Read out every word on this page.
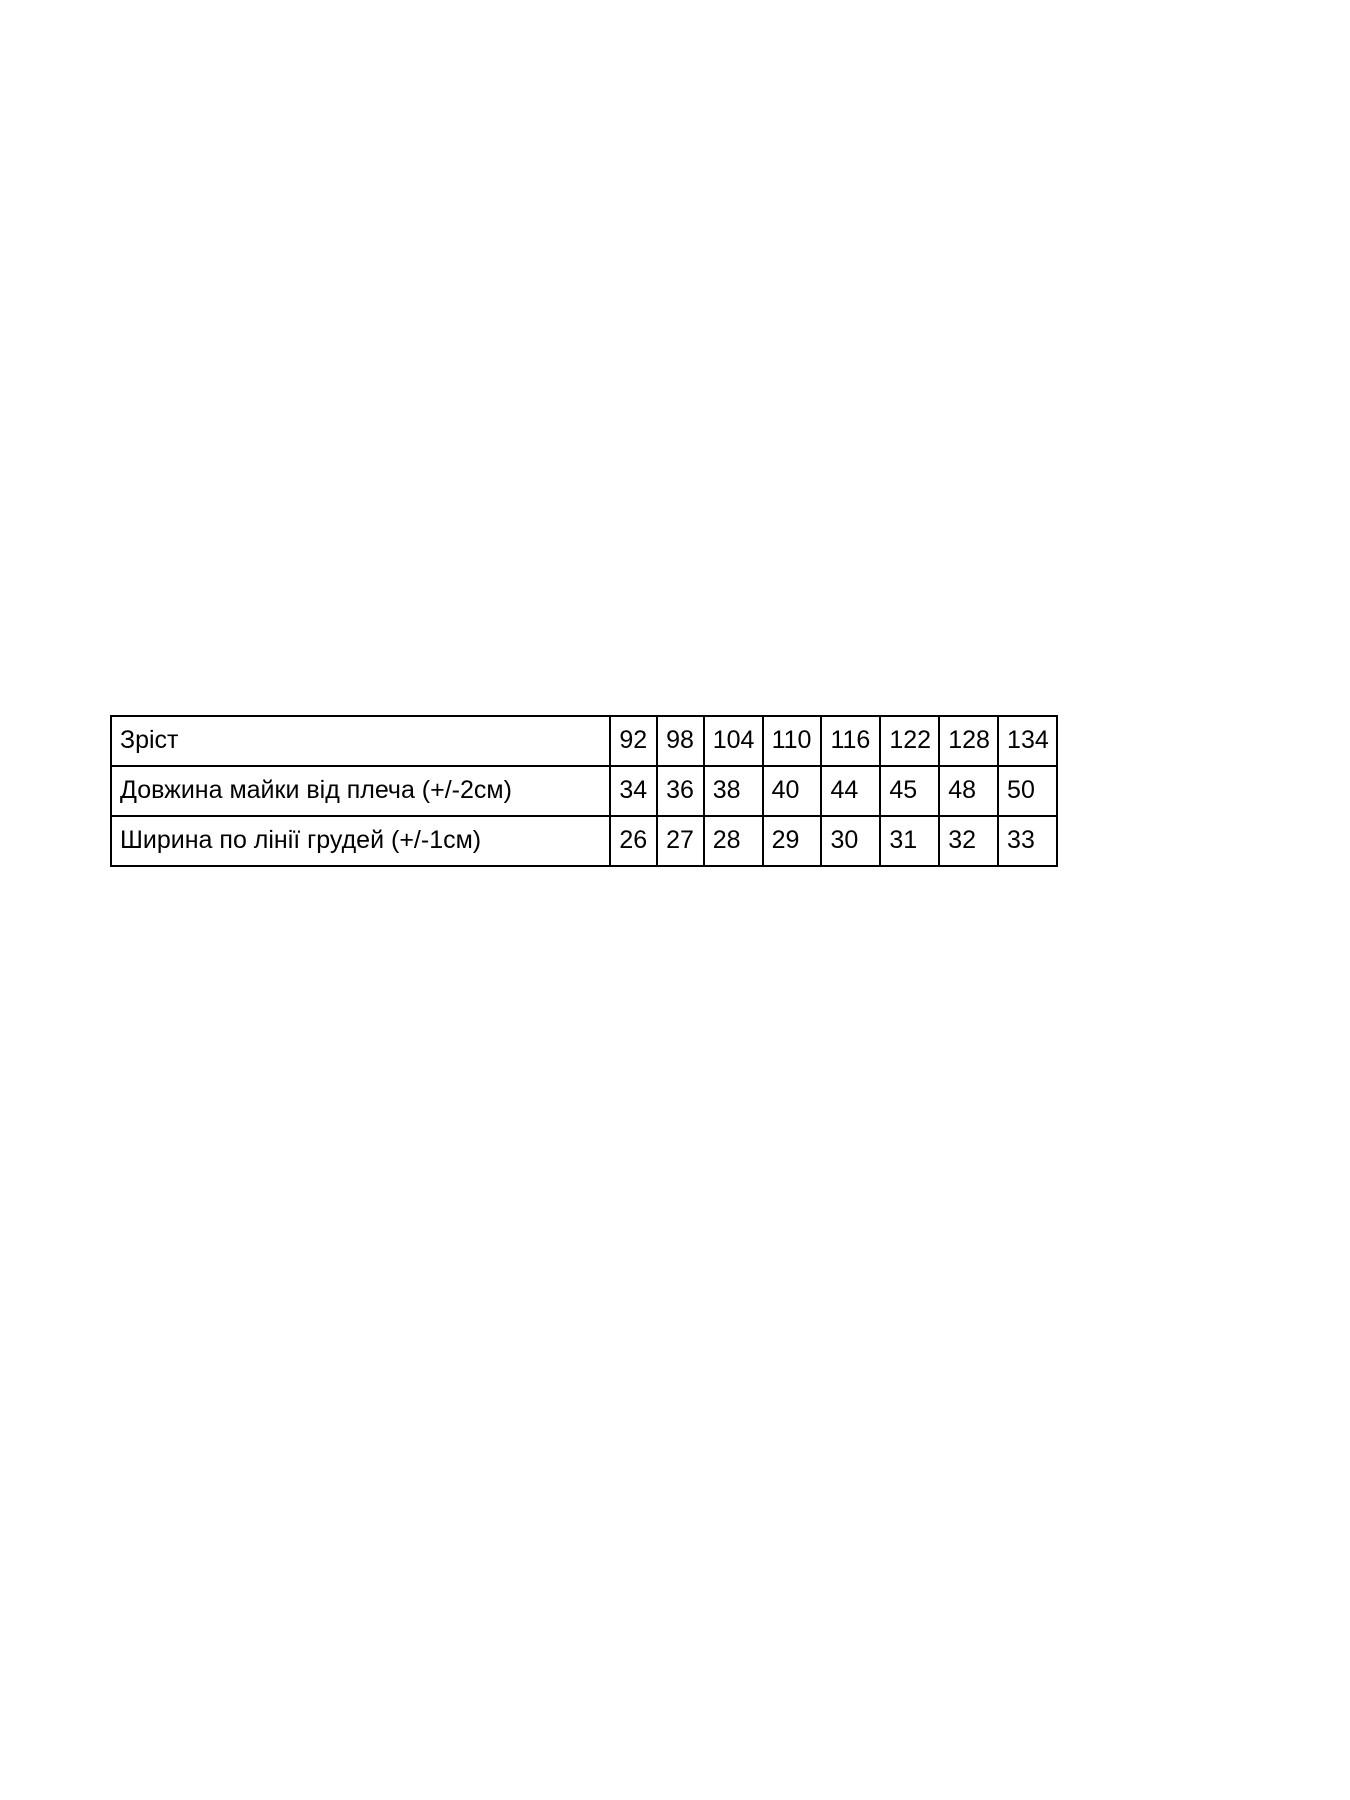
Зріст	92	98	104	110	116	122	128	134
Довжина майки від плеча (+/-2см)	34	36	38	40	44	45	48	50
Ширина по лінії грудей (+/-1см)	26	27	28	29	30	31	32	33
